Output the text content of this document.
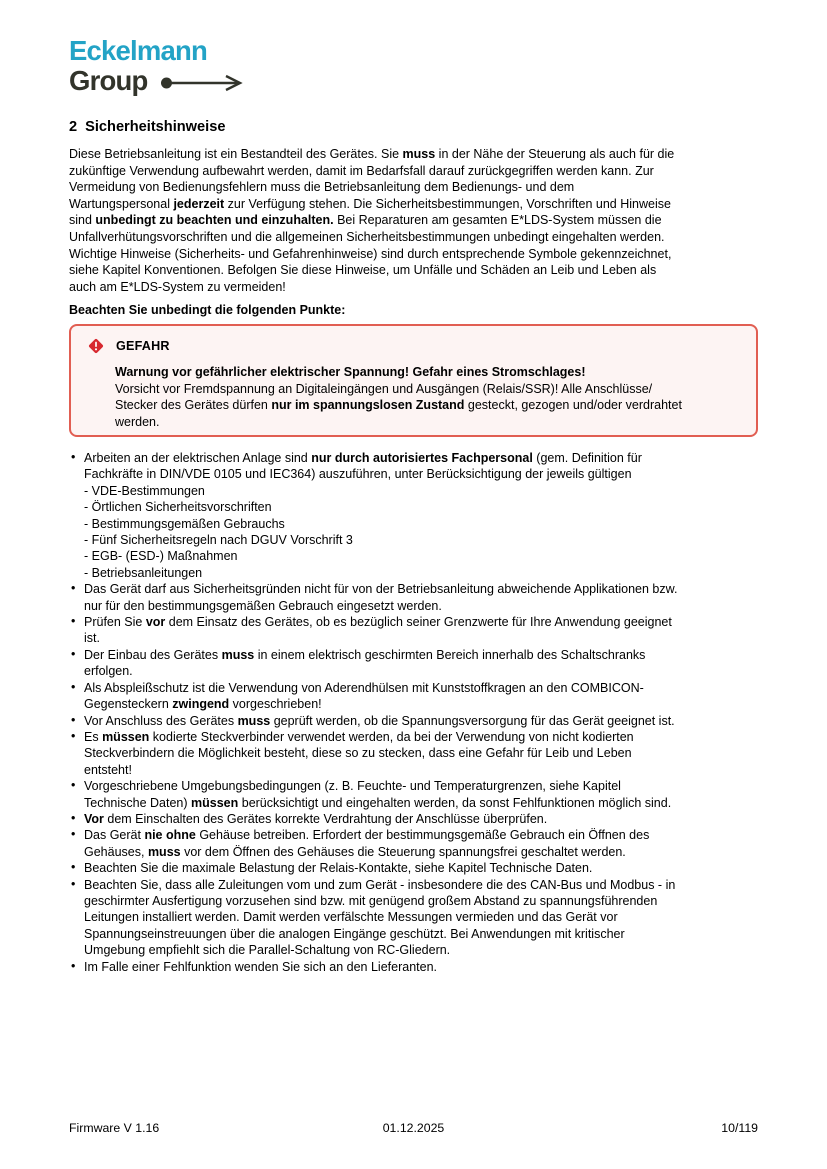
Eckelmann
Group
2 Sicherheitshinweise
Diese Betriebsanleitung ist ein Bestandteil des Gerätes. Sie muss in der Nähe der Steuerung als auch für die
zukünftige Verwendung aufbewahrt werden, damit im Bedarfsfall darauf zurückgegriffen werden kann. Zur
Vermeidung von Bedienungsfehlern muss die Betriebsanleitung dem Bedienungs- und dem
Wartungspersonal jederzeit zur Verfügung stehen. Die Sicherheitsbestimmungen, Vorschriften und Hinweise
sind unbedingt zu beachten und einzuhalten. Bei Reparaturen am gesamten E*LDS-System müssen die
Unfallverhütungsvorschriften und die allgemeinen Sicherheitsbestimmungen unbedingt eingehalten werden.
Wichtige Hinweise (Sicherheits- und Gefahrenhinweise) sind durch entsprechende Symbole gekennzeichnet,
siehe Kapitel Konventionen. Befolgen Sie diese Hinweise, um Unfälle und Schäden an Leib und Leben als
auch am E*LDS-System zu vermeiden!
Beachten Sie unbedingt die folgenden Punkte:
GEFAHR
Warnung vor gefährlicher elektrischer Spannung! Gefahr eines Stromschlages!
Vorsicht vor Fremdspannung an Digitaleingängen und Ausgängen (Relais/SSR)! Alle Anschlüsse/
Stecker des Gerätes dürfen nur im spannungslosen Zustand gesteckt, gezogen und/oder verdrahtet
werden.
• Arbeiten an der elektrischen Anlage sind nur durch autorisiertes Fachpersonal (gem. Definition für
Fachkräfte in DIN/VDE 0105 und IEC364) auszuführen, unter Berücksichtigung der jeweils gültigen
- VDE-Bestimmungen
- Örtlichen Sicherheitsvorschriften
- Bestimmungsgemäßen Gebrauchs
- Fünf Sicherheitsregeln nach DGUV Vorschrift 3
- EGB- (ESD-) Maßnahmen
- Betriebsanleitungen
• Das Gerät darf aus Sicherheitsgründen nicht für von der Betriebsanleitung abweichende Applikationen bzw.
nur für den bestimmungsgemäßen Gebrauch eingesetzt werden.
• Prüfen Sie vor dem Einsatz des Gerätes, ob es bezüglich seiner Grenzwerte für Ihre Anwendung geeignet
ist.
• Der Einbau des Gerätes muss in einem elektrisch geschirmten Bereich innerhalb des Schaltschranks
erfolgen.
• Als Abspleißschutz ist die Verwendung von Aderendhülsen mit Kunststoffkragen an den COMBICON-
Gegensteckern zwingend vorgeschrieben!
• Vor Anschluss des Gerätes muss geprüft werden, ob die Spannungsversorgung für das Gerät geeignet ist.
• Es müssen kodierte Steckverbinder verwendet werden, da bei der Verwendung von nicht kodierten
Steckverbindern die Möglichkeit besteht, diese so zu stecken, dass eine Gefahr für Leib und Leben
entsteht!
• Vorgeschriebene Umgebungsbedingungen (z. B. Feuchte- und Temperaturgrenzen, siehe Kapitel
Technische Daten) müssen berücksichtigt und eingehalten werden, da sonst Fehlfunktionen möglich sind.
• Vor dem Einschalten des Gerätes korrekte Verdrahtung der Anschlüsse überprüfen.
• Das Gerät nie ohne Gehäuse betreiben. Erfordert der bestimmungsgemäße Gebrauch ein Öffnen des
Gehäuses, muss vor dem Öffnen des Gehäuses die Steuerung spannungsfrei geschaltet werden.
• Beachten Sie die maximale Belastung der Relais-Kontakte, siehe Kapitel Technische Daten.
• Beachten Sie, dass alle Zuleitungen vom und zum Gerät - insbesondere die des CAN-Bus und Modbus - in
geschirmter Ausfertigung vorzusehen sind bzw. mit genügend großem Abstand zu spannungsführenden
Leitungen installiert werden. Damit werden verfälschte Messungen vermieden und das Gerät vor
Spannungseinstreuungen über die analogen Eingänge geschützt. Bei Anwendungen mit kritischer
Umgebung empfiehlt sich die Parallel-Schaltung von RC-Gliedern.
• Im Falle einer Fehlfunktion wenden Sie sich an den Lieferanten.
Firmware V 1.16	01.12.2025	10/119
